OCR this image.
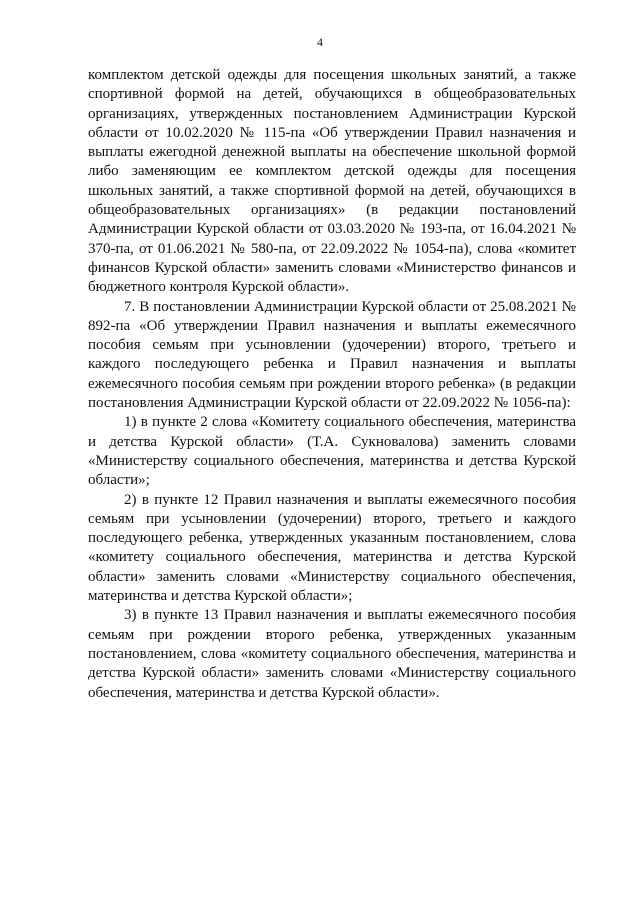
4

комплектом детской одежды для посещения школьных занятий, а также спортивной формой на детей, обучающихся в общеобразовательных организациях, утвержденных постановлением Администрации Курской области от 10.02.2020 № 115-па «Об утверждении Правил назначения и выплаты ежегодной денежной выплаты на обеспечение школьной формой либо заменяющим ее комплектом детской одежды для посещения школьных занятий, а также спортивной формой на детей, обучающихся в общеобразовательных организациях» (в редакции постановлений Администрации Курской области от 03.03.2020 № 193-па, от 16.04.2021 № 370-па, от 01.06.2021 № 580-па, от 22.09.2022 № 1054-па), слова «комитет финансов Курской области» заменить словами «Министерство финансов и бюджетного контроля Курской области».

7. В постановлении Администрации Курской области от 25.08.2021 № 892-па «Об утверждении Правил назначения и выплаты ежемесячного пособия семьям при усыновлении (удочерении) второго, третьего и каждого последующего ребенка и Правил назначения и выплаты ежемесячного пособия семьям при рождении второго ребенка» (в редакции постановления Администрации Курской области от 22.09.2022 № 1056-па):

1) в пункте 2 слова «Комитету социального обеспечения, материнства и детства Курской области» (Т.А. Сукновалова) заменить словами «Министерству социального обеспечения, материнства и детства Курской области»;

2) в пункте 12 Правил назначения и выплаты ежемесячного пособия семьям при усыновлении (удочерении) второго, третьего и каждого последующего ребенка, утвержденных указанным постановлением, слова «комитету социального обеспечения, материнства и детства Курской области» заменить словами «Министерству социального обеспечения, материнства и детства Курской области»;

3) в пункте 13 Правил назначения и выплаты ежемесячного пособия семьям при рождении второго ребенка, утвержденных указанным постановлением, слова «комитету социального обеспечения, материнства и детства Курской области» заменить словами «Министерству социального обеспечения, материнства и детства Курской области».
